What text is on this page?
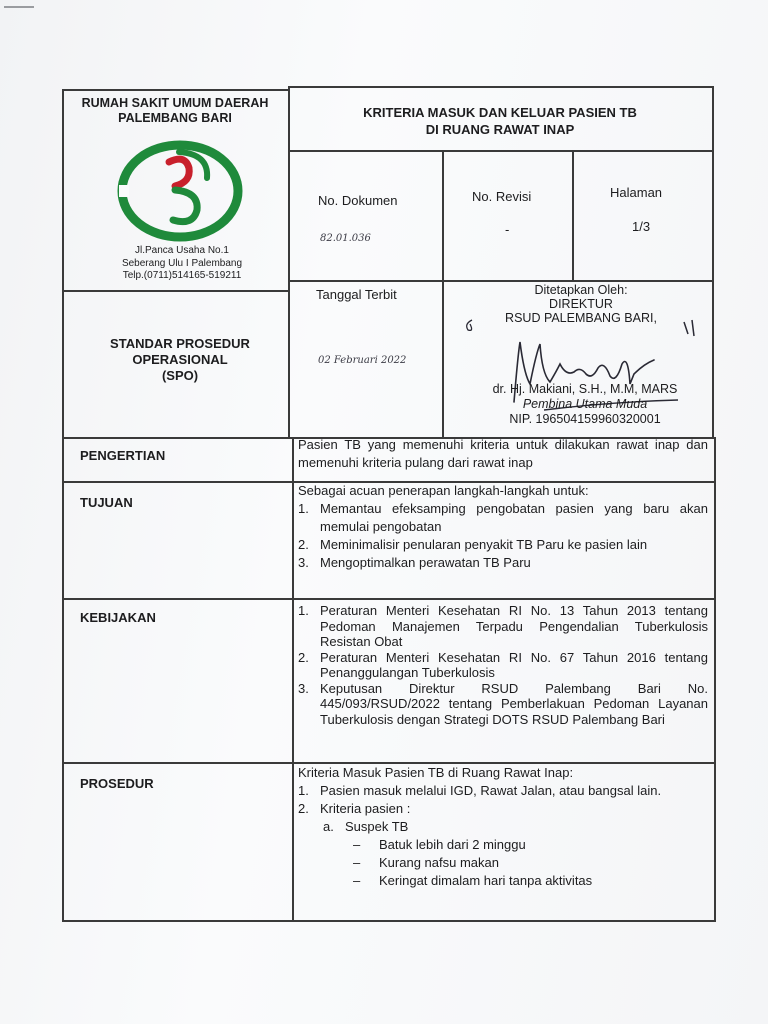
RUMAH SAKIT UMUM DAERAH
PALEMBANG BARI
Jl.Panca Usaha No.1
Seberang Ulu I Palembang
Telp.(0711)514165-519211
KRITERIA MASUK DAN KELUAR PASIEN TB
DI RUANG RAWAT INAP
No. Dokumen
82.01.036
No. Revisi
-
Halaman
1/3
STANDAR PROSEDUR
OPERASIONAL
(SPO)
Tanggal Terbit
02 Februari 2022
Ditetapkan Oleh:
DIREKTUR
RSUD PALEMBANG BARI,
dr. Hj. Makiani, S.H., M.M, MARS
Pembina Utama Muda
NIP. 196504159960320001
PENGERTIAN
Pasien TB yang memenuhi kriteria untuk dilakukan rawat inap dan memenuhi kriteria pulang dari rawat inap
TUJUAN

Sebagai acuan penerapan langkah-langkah untuk:

1. Memantau efeksamping pengobatan pasien yang baru akan memulai pengobatan
2. Meminimalisir penularan penyakit TB Paru ke pasien lain
3. Mengoptimalkan perawatan TB Paru
KEBIJAKAN	1. Peraturan Menteri Kesehatan RI No. 13 Tahun 2013 tentang Pedoman Manajemen Terpadu Pengendalian Tuberkulosis Resistan Obat
2. Peraturan Menteri Kesehatan RI No. 67 Tahun 2016 tentang Penanggulangan Tuberkulosis
3. Keputusan Direktur RSUD Palembang Bari No. 445/093/RSUD/2022 tentang Pemberlakuan Pedoman Layanan Tuberkulosis dengan Strategi DOTS RSUD Palembang Bari
PROSEDUR

Kriteria Masuk Pasien TB di Ruang Rawat Inap:

1. Pasien masuk melalui IGD, Rawat Jalan, atau bangsal lain.
2. Kriteria pasien :
a. Suspek TB
–	Batuk lebih dari 2 minggu
–	Kurang nafsu makan
–	Keringat dimalam hari tanpa aktivitas
